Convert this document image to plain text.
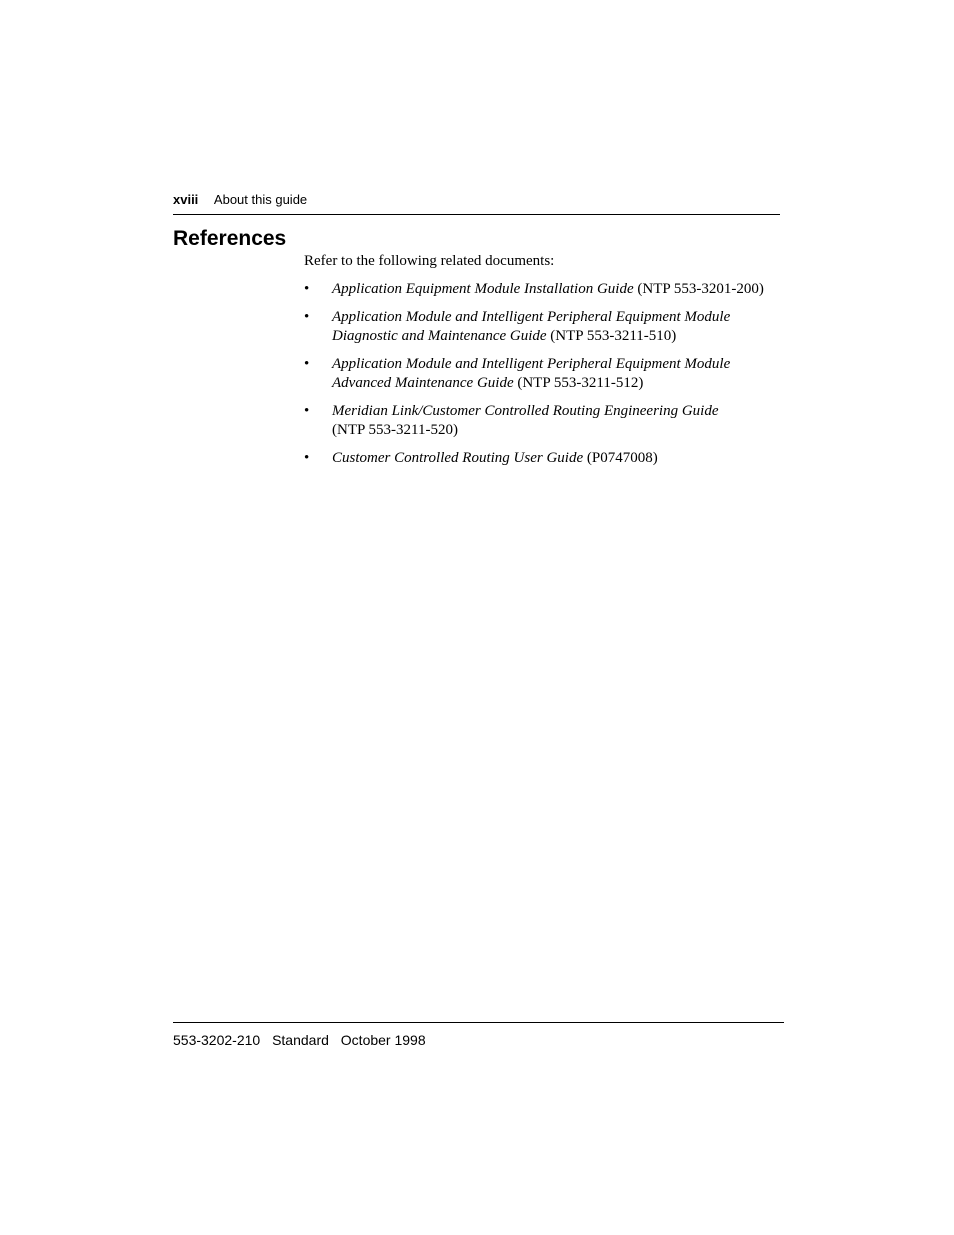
xviii About this guide
References

Refer to the following related documents:

• Application Equipment Module Installation Guide (NTP 553-3201-200)
• Application Module and Intelligent Peripheral Equipment Module
Diagnostic and Maintenance Guide (NTP 553-3211-510)
• Application Module and Intelligent Peripheral Equipment Module
Advanced Maintenance Guide (NTP 553-3211-512)
• Meridian Link/Customer Controlled Routing Engineering Guide
(NTP 553-3211-520)
• Customer Controlled Routing User Guide (P0747008)
553-3202-210 Standard October 1998
